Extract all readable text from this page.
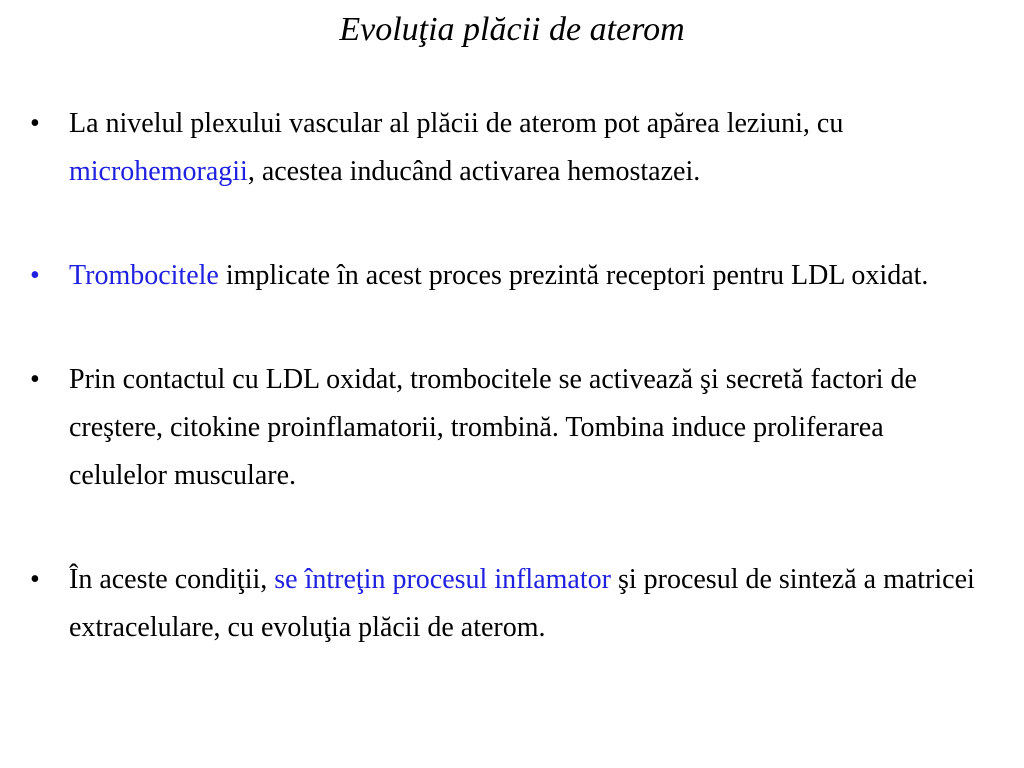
Evoluţia plăcii de aterom
•	La nivelul plexului vascular al plăcii de aterom pot apărea leziuni, cu microhemoragii, acestea inducând activarea hemostazei.
•	Trombocitele implicate în acest proces prezintă receptori pentru LDL oxidat.
•	Prin contactul cu LDL oxidat, trombocitele se activează şi secretă factori de creştere, citokine proinflamatorii, trombină. Tombina induce proliferarea celulelor musculare.
•	În aceste condiţii, se întreţin procesul inflamator şi procesul de sinteză a matricei extracelulare, cu evoluţia plăcii de aterom.
